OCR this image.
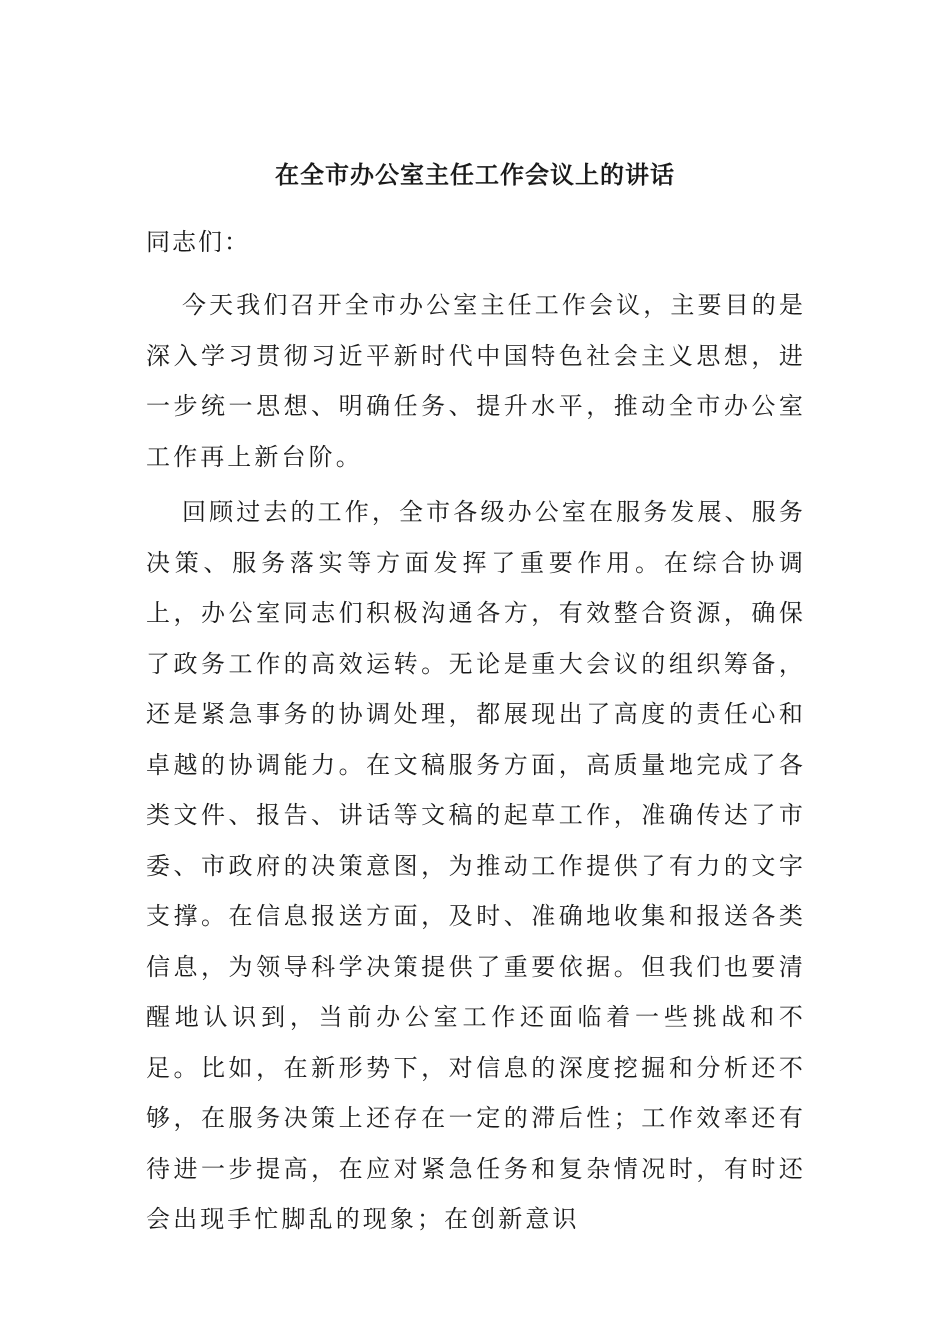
在全市办公室主任工作会议上的讲话
同志们：

今天我们召开全市办公室主任工作会议，主要目的是深入学习贯彻习近平新时代中国特色社会主义思想，进一步统一思想、明确任务、提升水平，推动全市办公室工作再上新台阶。

回顾过去的工作，全市各级办公室在服务发展、服务决策、服务落实等方面发挥了重要作用。在综合协调上，办公室同志们积极沟通各方，有效整合资源，确保了政务工作的高效运转。无论是重大会议的组织筹备，还是紧急事务的协调处理，都展现出了高度的责任心和卓越的协调能力。在文稿服务方面，高质量地完成了各类文件、报告、讲话等文稿的起草工作，准确传达了市委、市政府的决策意图，为推动工作提供了有力的文字支撑。在信息报送方面，及时、准确地收集和报送各类信息，为领导科学决策提供了重要依据。但我们也要清醒地认识到，当前办公室工作还面临着一些挑战和不足。比如，在新形势下，对信息的深度挖掘和分析还不够，在服务决策上还存在一定的滞后性；工作效率还有待进一步提高，在应对紧急任务和复杂情况时，有时还会出现手忙脚乱的现象；在创新意识
